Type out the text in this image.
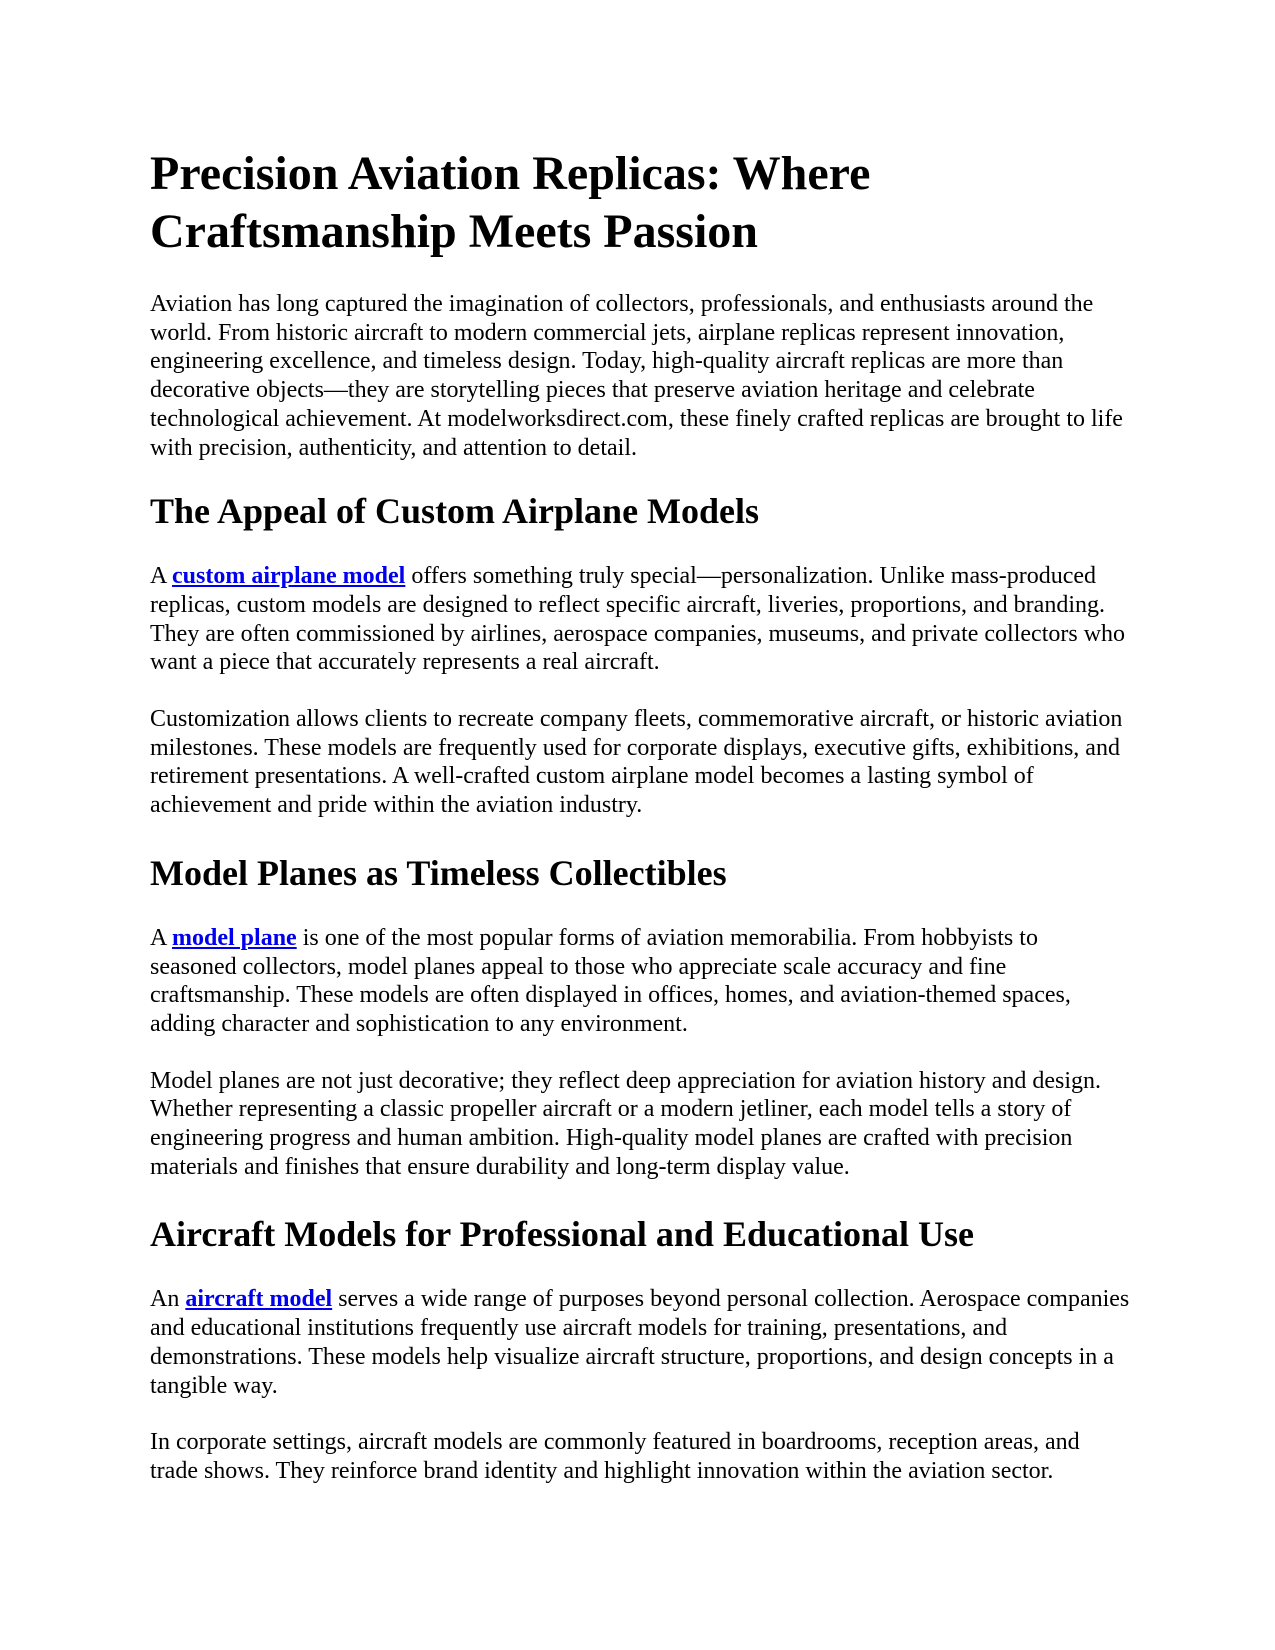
Precision Aviation Replicas: Where Craftsmanship Meets Passion

Aviation has long captured the imagination of collectors, professionals, and enthusiasts around the world. From historic aircraft to modern commercial jets, airplane replicas represent innovation, engineering excellence, and timeless design. Today, high-quality aircraft replicas are more than decorative objects—they are storytelling pieces that preserve aviation heritage and celebrate technological achievement. At modelworksdirect.com, these finely crafted replicas are brought to life with precision, authenticity, and attention to detail.

The Appeal of Custom Airplane Models

A custom airplane model offers something truly special—personalization. Unlike mass-produced replicas, custom models are designed to reflect specific aircraft, liveries, proportions, and branding. They are often commissioned by airlines, aerospace companies, museums, and private collectors who want a piece that accurately represents a real aircraft.

Customization allows clients to recreate company fleets, commemorative aircraft, or historic aviation milestones. These models are frequently used for corporate displays, executive gifts, exhibitions, and retirement presentations. A well-crafted custom airplane model becomes a lasting symbol of achievement and pride within the aviation industry.

Model Planes as Timeless Collectibles

A model plane is one of the most popular forms of aviation memorabilia. From hobbyists to seasoned collectors, model planes appeal to those who appreciate scale accuracy and fine craftsmanship. These models are often displayed in offices, homes, and aviation-themed spaces, adding character and sophistication to any environment.

Model planes are not just decorative; they reflect deep appreciation for aviation history and design. Whether representing a classic propeller aircraft or a modern jetliner, each model tells a story of engineering progress and human ambition. High-quality model planes are crafted with precision materials and finishes that ensure durability and long-term display value.

Aircraft Models for Professional and Educational Use

An aircraft model serves a wide range of purposes beyond personal collection. Aerospace companies and educational institutions frequently use aircraft models for training, presentations, and demonstrations. These models help visualize aircraft structure, proportions, and design concepts in a tangible way.

In corporate settings, aircraft models are commonly featured in boardrooms, reception areas, and trade shows. They reinforce brand identity and highlight innovation within the aviation sector.
